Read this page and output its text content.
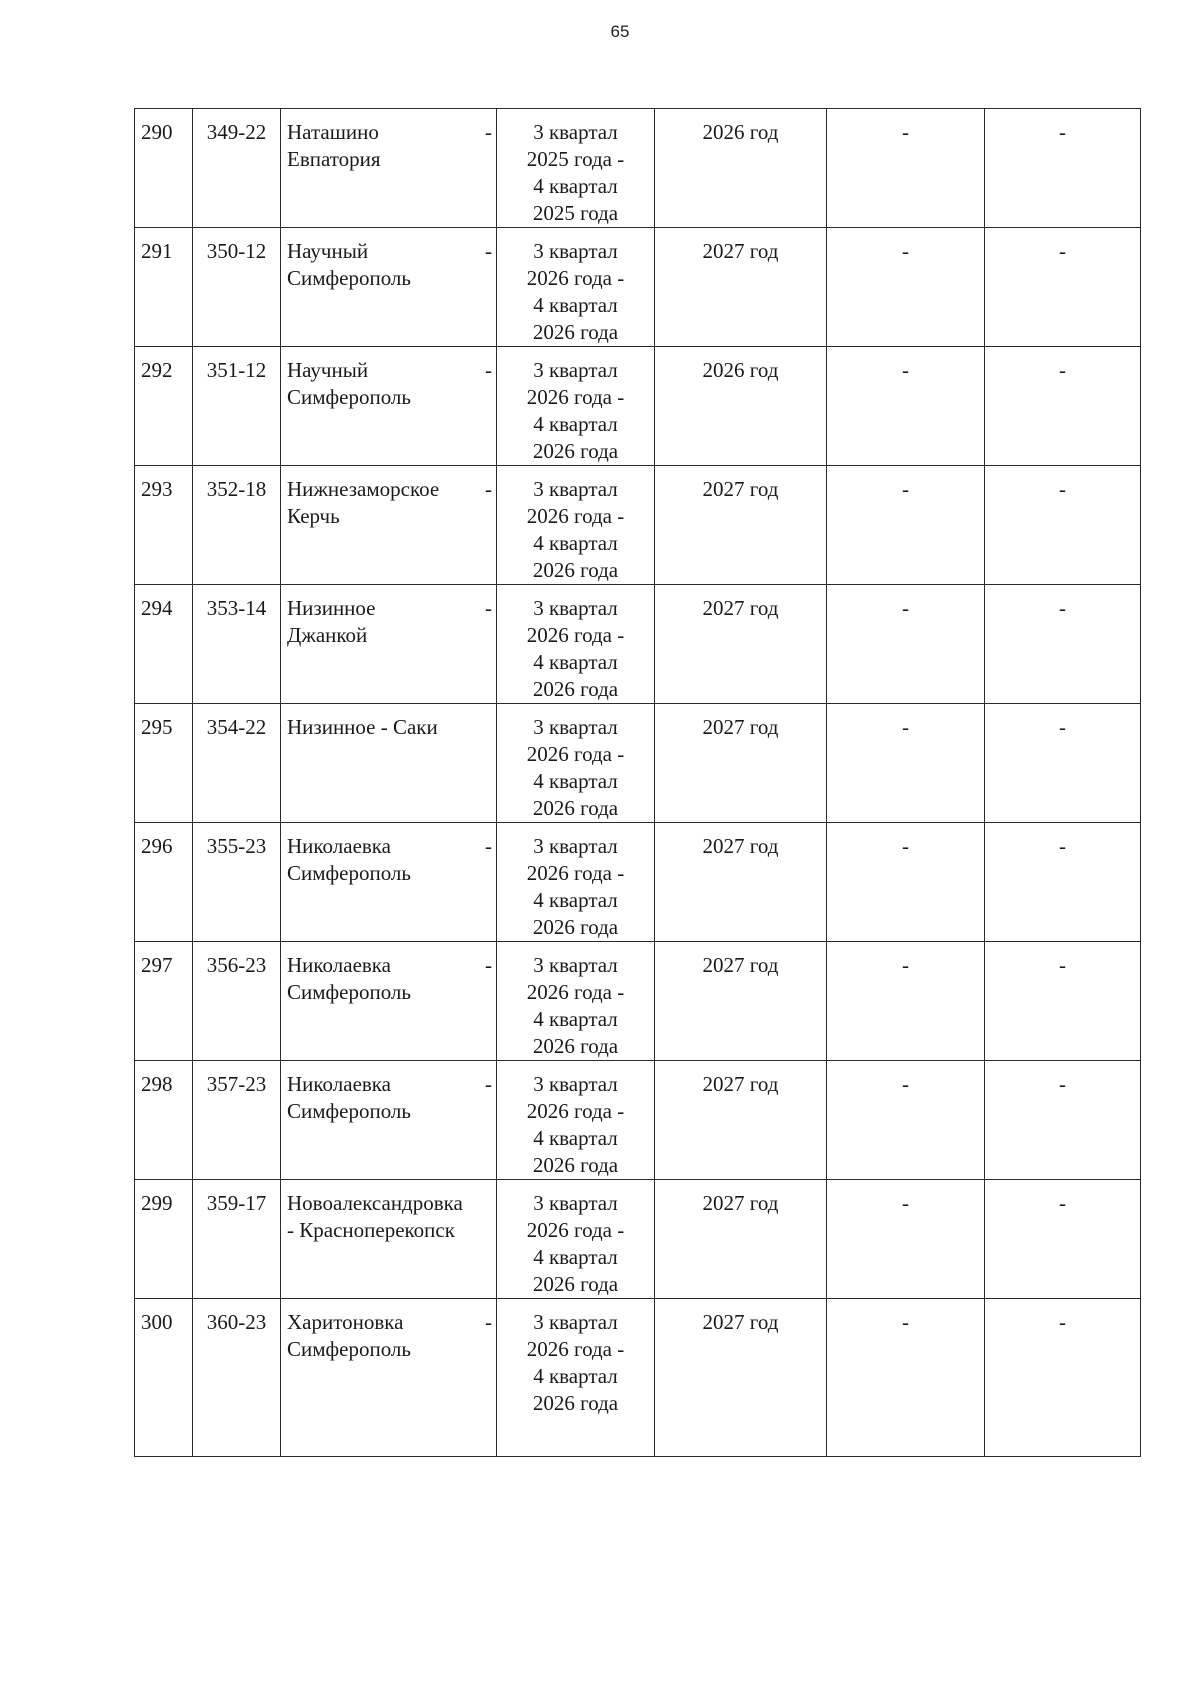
65
290	349-22	Наташино -
Евпатория	3 квартал
2025 года -
4 квартал
2025 года	2026 год	-	-
291	350-12	Научный -
Симферополь	3 квартал
2026 года -
4 квартал
2026 года	2027 год	-	-
292	351-12	Научный -
Симферополь	3 квартал
2026 года -
4 квартал
2026 года	2026 год	-	-
293	352-18	Нижнезаморское -
Керчь	3 квартал
2026 года -
4 квартал
2026 года	2027 год	-	-
294	353-14	Низинное -
Джанкой	3 квартал
2026 года -
4 квартал
2026 года	2027 год	-	-
295	354-22	Низинное - Саки	3 квартал
2026 года -
4 квартал
2026 года	2027 год	-	-
296	355-23	Николаевка -
Симферополь	3 квартал
2026 года -
4 квартал
2026 года	2027 год	-	-
297	356-23	Николаевка -
Симферополь	3 квартал
2026 года -
4 квартал
2026 года	2027 год	-	-
298	357-23	Николаевка -
Симферополь	3 квартал
2026 года -
4 квартал
2026 года	2027 год	-	-
299	359-17	Новоалександровка
- Красноперекопск	3 квартал
2026 года -
4 квартал
2026 года	2027 год	-	-
300	360-23	Харитоновка -
Симферополь	3 квартал
2026 года -
4 квартал
2026 года	2027 год	-	-
